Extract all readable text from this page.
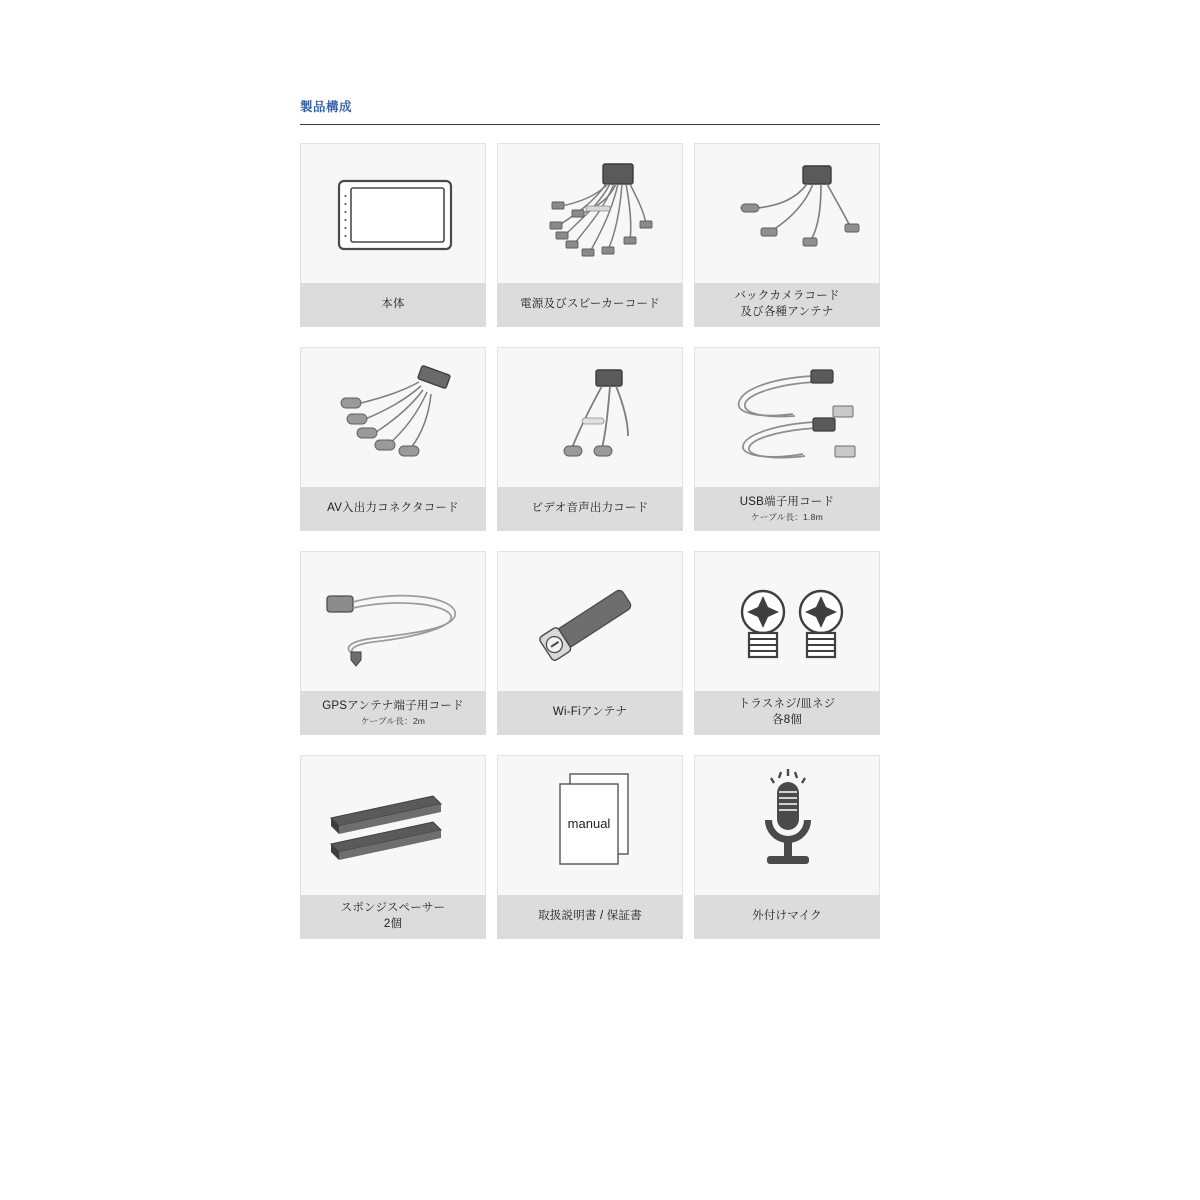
製品構成
本体	電源及びスピーカーコード
バックカメラコード
及び各種アンテナ
AV入出力コネクタコード	ビデオ音声出力コード
USB端子用コード
ケーブル長：1.8m
GPSアンテナ端子用コード
ケーブル長：2m
Wi-Fiアンテナ
トラスネジ/皿ネジ
各8個
スポンジスペーサー
2個
manual
取扱説明書 / 保証書	外付けマイク
